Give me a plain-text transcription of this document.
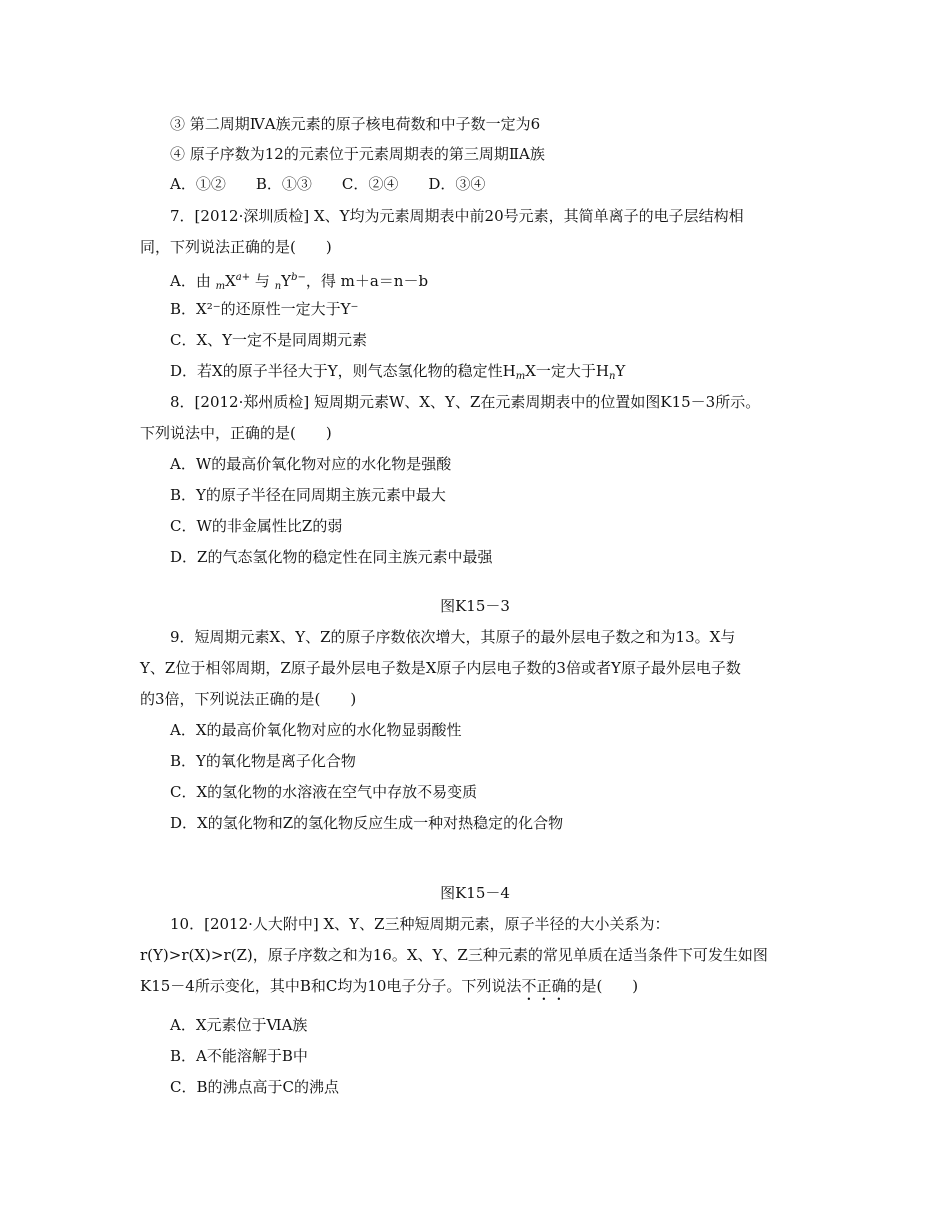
③ 第二周期ⅣA族元素的原子核电荷数和中子数一定为6
④ 原子序数为12的元素位于元素周期表的第三周期ⅡA族
A．①②　　B．①③　　C．②④　　D．③④
7．[2012·深圳质检] X、Y均为元素周期表中前20号元素，其简单离子的电子层结构相
同，下列说法正确的是(　　)
A．由 $_mX^{a+}$ 与 $_nY^{b-}$，得 m＋a＝n－b
B．X²⁻的还原性一定大于Y⁻
C．X、Y一定不是同周期元素
D．若X的原子半径大于Y，则气态氢化物的稳定性$H_mX$一定大于$H_nY$
8．[2012·郑州质检] 短周期元素W、X、Y、Z在元素周期表中的位置如图K15－3所示。
下列说法中，正确的是(　　)
A．W的最高价氧化物对应的水化物是强酸
B．Y的原子半径在同周期主族元素中最大
C．W的非金属性比Z的弱
D．Z的气态氢化物的稳定性在同主族元素中最强
图K15－3
9．短周期元素X、Y、Z的原子序数依次增大，其原子的最外层电子数之和为13。X与
Y、Z位于相邻周期，Z原子最外层电子数是X原子内层电子数的3倍或者Y原子最外层电子数
的3倍，下列说法正确的是(　　)
A．X的最高价氧化物对应的水化物显弱酸性
B．Y的氧化物是离子化合物
C．X的氢化物的水溶液在空气中存放不易变质
D．X的氢化物和Z的氢化物反应生成一种对热稳定的化合物
图K15－4
10．[2012·人大附中] X、Y、Z三种短周期元素，原子半径的大小关系为：
r(Y)>r(X)>r(Z)，原子序数之和为16。X、Y、Z三种元素的常见单质在适当条件下可发生如图
K15－4所示变化，其中B和C均为10电子分子。下列说法不正确的是(　　)
A．X元素位于ⅥA族
B．A不能溶解于B中
C．B的沸点高于C的沸点
